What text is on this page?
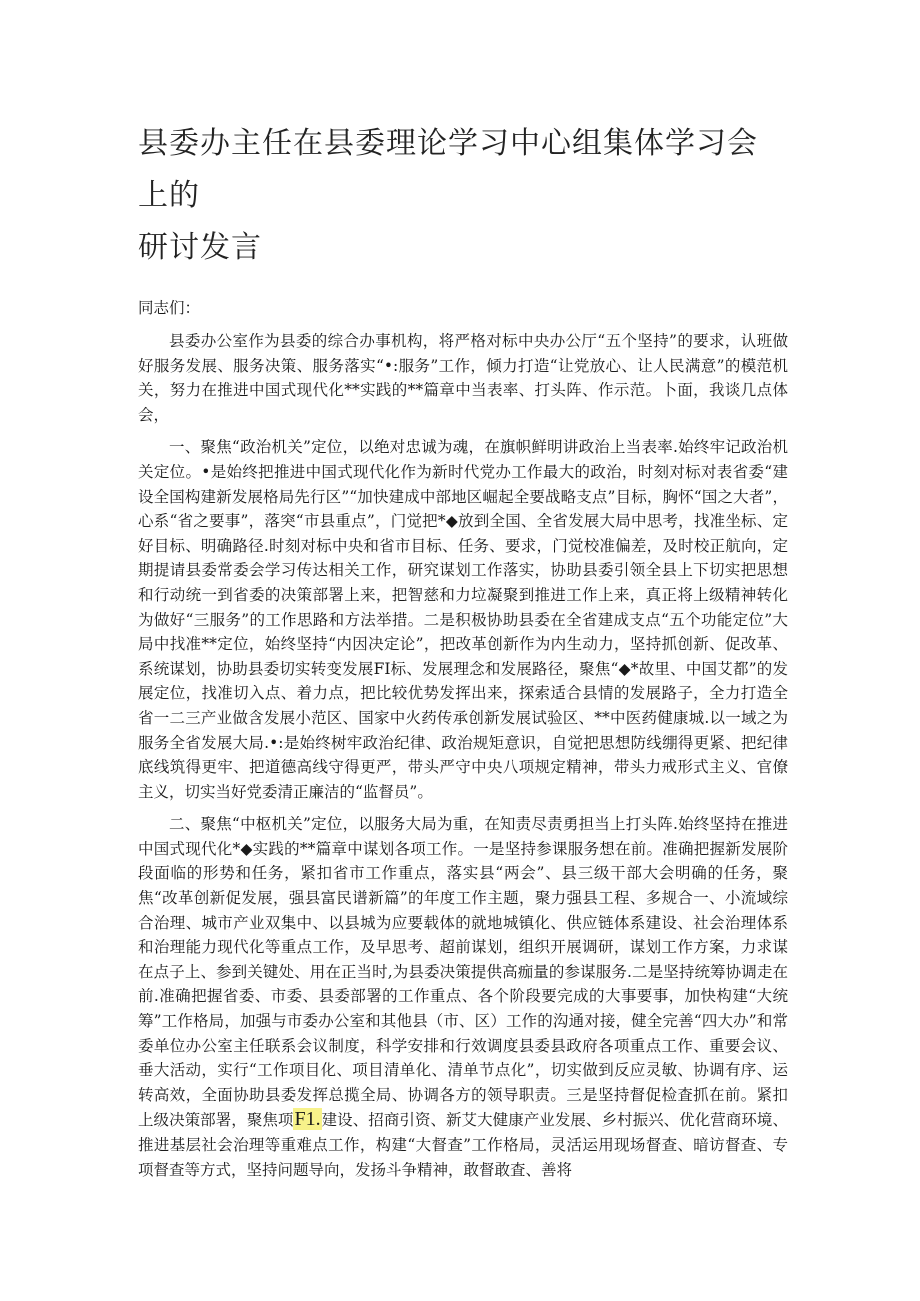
县委办主任在县委理论学习中心组集体学习会上的
研讨发言

同志们：

县委办公室作为县委的综合办事机构，将严格对标中央办公厅“五个坚持”的要求，认班做好服务发展、服务决策、服务落实“•:服务”工作，倾力打造“让党放心、让人民满意”的模范机关，努力在推进中国式现代化**实践的**篇章中当表率、打头阵、作示范。卜面，我谈几点体会，

一、聚焦“政治机关”定位，以绝对忠诚为魂，在旗帜鲜明讲政治上当表率.始终牢记政治机关定位。•是始终把推进中国式现代化作为新时代党办工作最大的政治，时刻对标对表省委“建设全国构建新发展格局先行区”“加快建成中部地区崛起全要战略支点”目标，胸怀“国之大者”，心系“省之要事”，落突“市县重点”，门觉把*◆放到全国、全省发展大局中思考，找准坐标、定好目标、明确路径.时刻对标中央和省市目标、任务、要求，门觉校准偏差，及时校正航向，定期提请县委常委会学习传达相关工作，研究谋划工作落实，协助县委引领全县上下切实把思想和行动统一到省委的决策部署上来，把智慈和力垃凝聚到推进工作上来，真正将上级精神转化为做好“三服务”的工作思路和方法举措。二是积极协助县委在全省建成支点“五个功能定位”大局中找准**定位，始终坚持“内因决定论”，把改革创新作为内生动力，坚持抓创新、促改革、系统谋划，协助县委切实转变发展FI标、发展理念和发展路径，聚焦“◆*故里、中国艾都”的发展定位，找准切入点、着力点，把比较优势发挥出来，探索适合县情的发展路子，全力打造全省一二三产业做含发展小范区、国家中火药传承创新发展试验区、**中医药健康城.以一域之为服务全省发展大局.•:是始终树牢政治纪律、政治规矩意识，自觉把思想防线绷得更紧、把纪律底线筑得更牢、把道德高线守得更严，带头严守中央八项规定精神，带头力戒形式主义、官僚主义，切实当好党委清正廉洁的“监督员”。

二、聚焦“中枢机关”定位，以服务大局为重，在知责尽责勇担当上打头阵.始终坚持在推进中国式现代化*◆实践的**篇章中谋划各项工作。一是坚持参课服务想在前。准确把握新发展阶段面临的形势和任务，紧扣省市工作重点，落实县“两会”、县三级干部大会明确的任务，聚焦“改革创新促发展，强县富民谱新篇”的年度工作主题，聚力强县工程、多规合一、小流域综合治理、城市产业双集中、以县城为应要载体的就地城镇化、供应链体系建设、社会治理体系和治理能力现代化等重点工作，及早思考、超前谋划，组织开展调研，谋划工作方案，力求谋在点子上、参到关键处、用在正当时,为县委决策提供高痂量的参谋服务.二是坚持统筹协调走在前.准确把握省委、市委、县委部署的工作重点、各个阶段要完成的大事要事，加快构建“大统筹”工作格局，加强与市委办公室和其他县（市、区）工作的沟通对接，健全完善“四大办”和常委单位办公室主任联系会议制度，科学安排和行效调度县委县政府各项重点工作、重要会议、垂大活动，实行“工作项目化、项目清单化、清单节点化”，切实做到反应灵敏、协调有序、运转高效，全面协助县委发挥总揽全局、协调各方的领导职责。三是坚持督促检査抓在前。紧扣上级决策部署，聚焦项F1.建设、招商引资、新艾大健康产业发展、乡村振兴、优化营商环境、推进基层社会治理等重难点工作，构建“大督查”工作格局，灵活运用现场督查、暗访督查、专项督查等方式，坚持问题导向，发扬斗争精神，敢督敢査、善将
